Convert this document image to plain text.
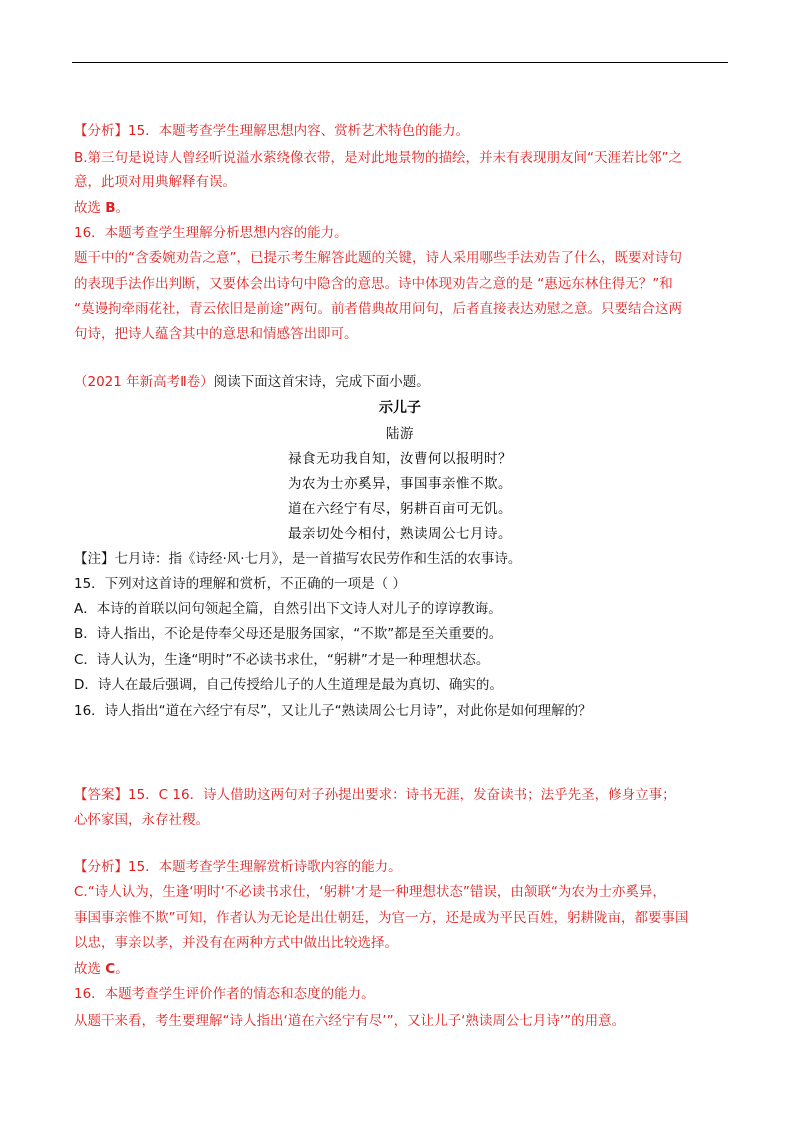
【分析】15．本题考查学生理解思想内容、赏析艺术特色的能力。
B.第三句是说诗人曾经听说溢水萦绕像衣带，是对此地景物的描绘，并未有表现朋友间“天涯若比邻”之
意，此项对用典解释有误。
故选 B。
16．本题考查学生理解分析思想内容的能力。
题干中的“含委婉劝告之意”，已提示考生解答此题的关键，诗人采用哪些手法劝告了什么，既要对诗句
的表现手法作出判断，又要体会出诗句中隐含的意思。诗中体现劝告之意的是 “惠远东林住得无？”和
“莫谩拘牵雨花社，青云依旧是前途”两句。前者借典故用问句，后者直接表达劝慰之意。只要结合这两
句诗，把诗人蕴含其中的意思和情感答出即可。
（2021 年新高考Ⅱ卷）阅读下面这首宋诗，完成下面小题。
示儿子
陆游
禄食无功我自知，汝曹何以报明时？
为农为士亦奚异，事国事亲惟不欺。
道在六经宁有尽，躬耕百亩可无饥。
最亲切处今相付，熟读周公七月诗。
【注】七月诗：指《诗经·风·七月》，是一首描写农民劳作和生活的农事诗。
15．下列对这首诗的理解和赏析，不正确的一项是（ ）
A．本诗的首联以问句领起全篇，自然引出下文诗人对儿子的谆谆教诲。
B．诗人指出，不论是侍奉父母还是服务国家，“不欺”都是至关重要的。
C．诗人认为，生逢“明时”不必读书求仕，“躬耕”才是一种理想状态。
D．诗人在最后强调，自己传授给儿子的人生道理是最为真切、确实的。
16．诗人指出“道在六经宁有尽”，又让儿子“熟读周公七月诗”，对此你是如何理解的？
【答案】15．C 16．诗人借助这两句对子孙提出要求：诗书无涯，发奋读书；法乎先圣，修身立事；
心怀家国，永存社稷。
【分析】15．本题考查学生理解赏析诗歌内容的能力。
C.“诗人认为，生逢‘明时’不必读书求仕，‘躬耕’才是一种理想状态”错误，由颔联“为农为士亦奚异，
事国事亲惟不欺”可知，作者认为无论是出仕朝廷，为官一方，还是成为平民百姓，躬耕陇亩，都要事国
以忠，事亲以孝，并没有在两种方式中做出比较选择。
故选 C。
16．本题考查学生评价作者的情态和态度的能力。
从题干来看，考生要理解“诗人指出‘道在六经宁有尽’”，又让儿子‘熟读周公七月诗’”的用意。
